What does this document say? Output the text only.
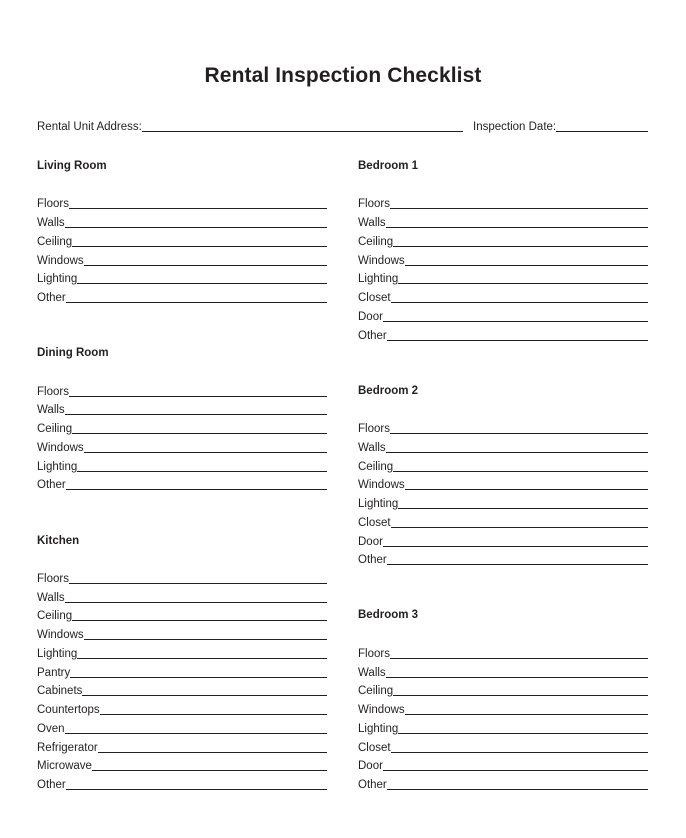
Rental Inspection Checklist
Rental Unit Address:	Inspection Date:
Living Room
Floors
Walls
Ceiling
Windows
Lighting
Other
Dining Room
Floors
Walls
Ceiling
Windows
Lighting
Other
Kitchen
Floors
Walls
Ceiling
Windows
Lighting
Pantry
Cabinets
Countertops
Oven
Refrigerator
Microwave
Other
Bedroom 1
Floors
Walls
Ceiling
Windows
Lighting
Closet
Door
Other
Bedroom 2
Floors
Walls
Ceiling
Windows
Lighting
Closet
Door
Other
Bedroom 3
Floors
Walls
Ceiling
Windows
Lighting
Closet
Door
Other
